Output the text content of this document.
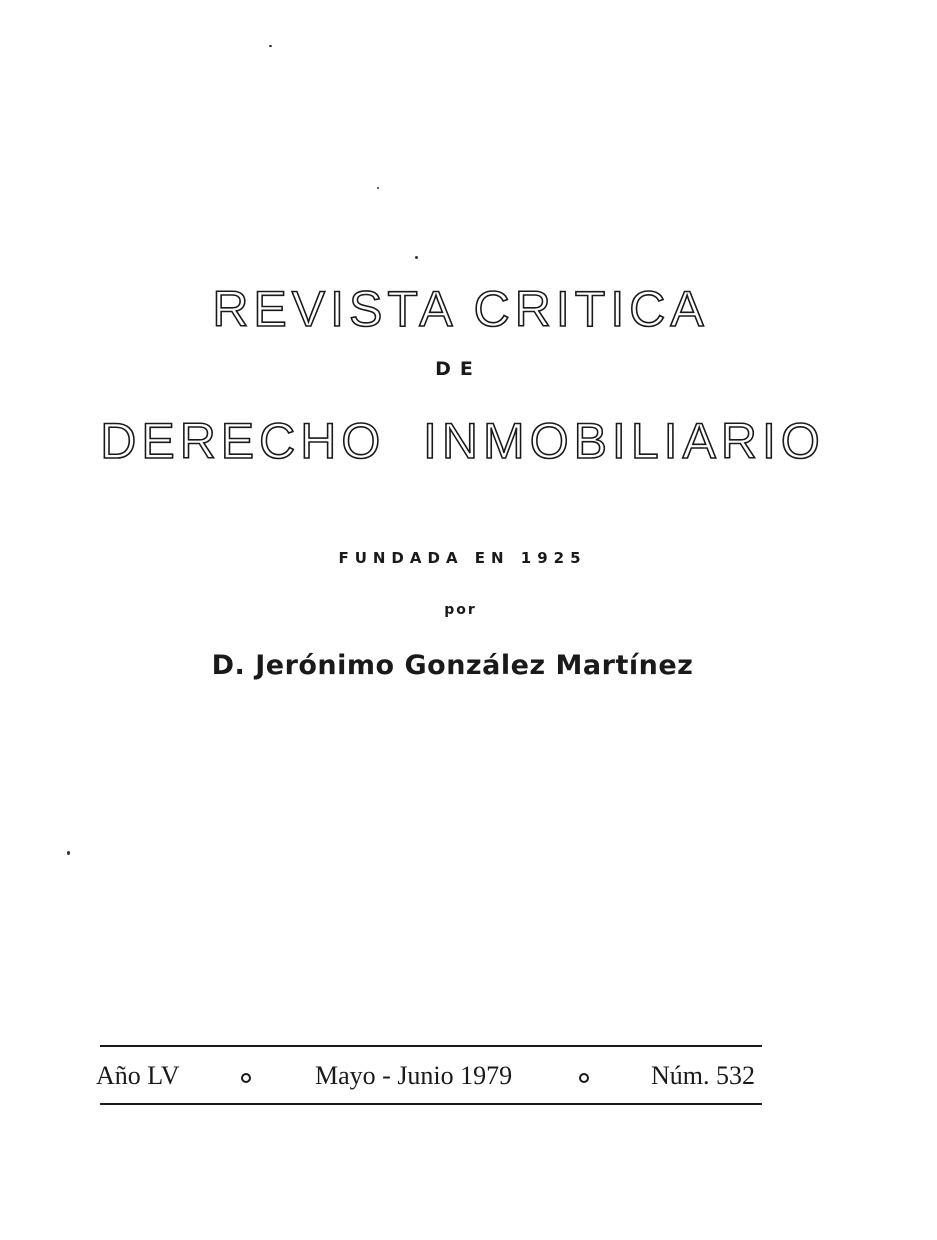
REVISTA CRITICA
DE
DERECHO  INMOBILIARIO
FUNDADA EN 1925
por
D. Jerónimo González Martínez
Año LV	Mayo - Junio 1979	Núm. 532
